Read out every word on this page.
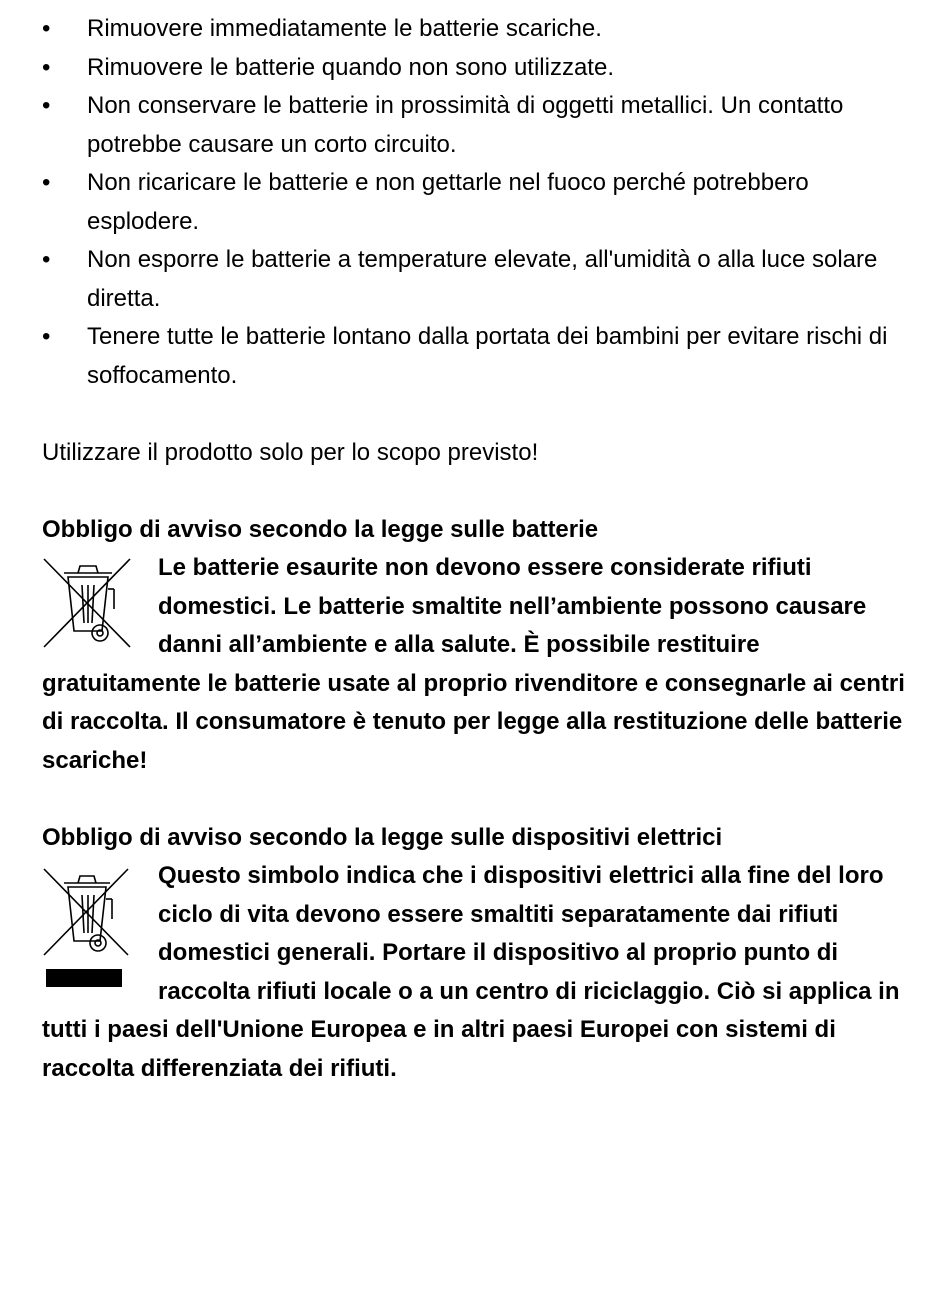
•	Rimuovere immediatamente le batterie scariche.
•	Rimuovere le batterie quando non sono utilizzate.
•	Non conservare le batterie in prossimità di oggetti metallici. Un contatto potrebbe causare un corto circuito.
•	Non ricaricare le batterie e non gettarle nel fuoco perché potrebbero esplodere.
•	Non esporre le batterie a temperature elevate, all'umidità o alla luce solare diretta.
•	Tenere tutte le batterie lontano dalla portata dei bambini per evitare rischi di soffocamento.

Utilizzare il prodotto solo per lo scopo previsto!

Obbligo di avviso secondo la legge sulle batterie

Le batterie esaurite non devono essere considerate rifiuti domestici. Le batterie smaltite nell’ambiente possono causare danni all’ambiente e alla salute. È possibile restituire gratuitamente le batterie usate al proprio rivenditore e consegnarle ai centri di raccolta. Il consumatore è tenuto per legge alla restituzione delle batterie scariche!

Obbligo di avviso secondo la legge sulle dispositivi elettrici

Questo simbolo indica che i dispositivi elettrici alla fine del loro ciclo di vita devono essere smaltiti separatamente dai rifiuti domestici generali. Portare il dispositivo al proprio punto di raccolta rifiuti locale o a un centro di riciclaggio. Ciò si applica in tutti i paesi dell'Unione Europea e in altri paesi Europei con sistemi di raccolta differenziata dei rifiuti.
